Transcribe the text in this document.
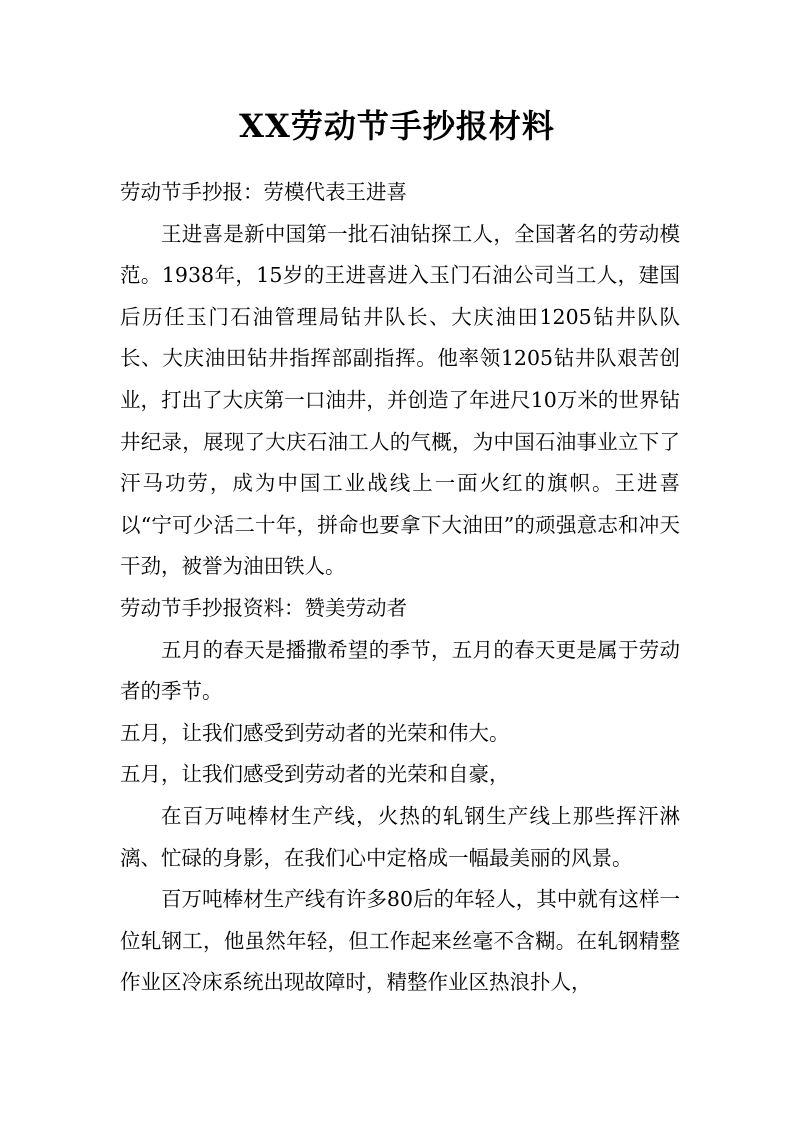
XX劳动节手抄报材料

劳动节手抄报：劳模代表王进喜

王进喜是新中国第一批石油钻探工人，全国著名的劳动模范。1938年，15岁的王进喜进入玉门石油公司当工人，建国后历任玉门石油管理局钻井队长、大庆油田1205钻井队队长、大庆油田钻井指挥部副指挥。他率领1205钻井队艰苦创业，打出了大庆第一口油井，并创造了年进尺10万米的世界钻井纪录，展现了大庆石油工人的气概，为中国石油事业立下了汗马功劳，成为中国工业战线上一面火红的旗帜。王进喜以“宁可少活二十年，拼命也要拿下大油田”的顽强意志和冲天干劲，被誉为油田铁人。

劳动节手抄报资料：赞美劳动者

五月的春天是播撒希望的季节，五月的春天更是属于劳动者的季节。

五月，让我们感受到劳动者的光荣和伟大。

五月，让我们感受到劳动者的光荣和自豪，

在百万吨棒材生产线，火热的轧钢生产线上那些挥汗淋漓、忙碌的身影，在我们心中定格成一幅最美丽的风景。

百万吨棒材生产线有许多80后的年轻人，其中就有这样一位轧钢工，他虽然年轻，但工作起来丝毫不含糊。在轧钢精整作业区冷床系统出现故障时，精整作业区热浪扑人，
